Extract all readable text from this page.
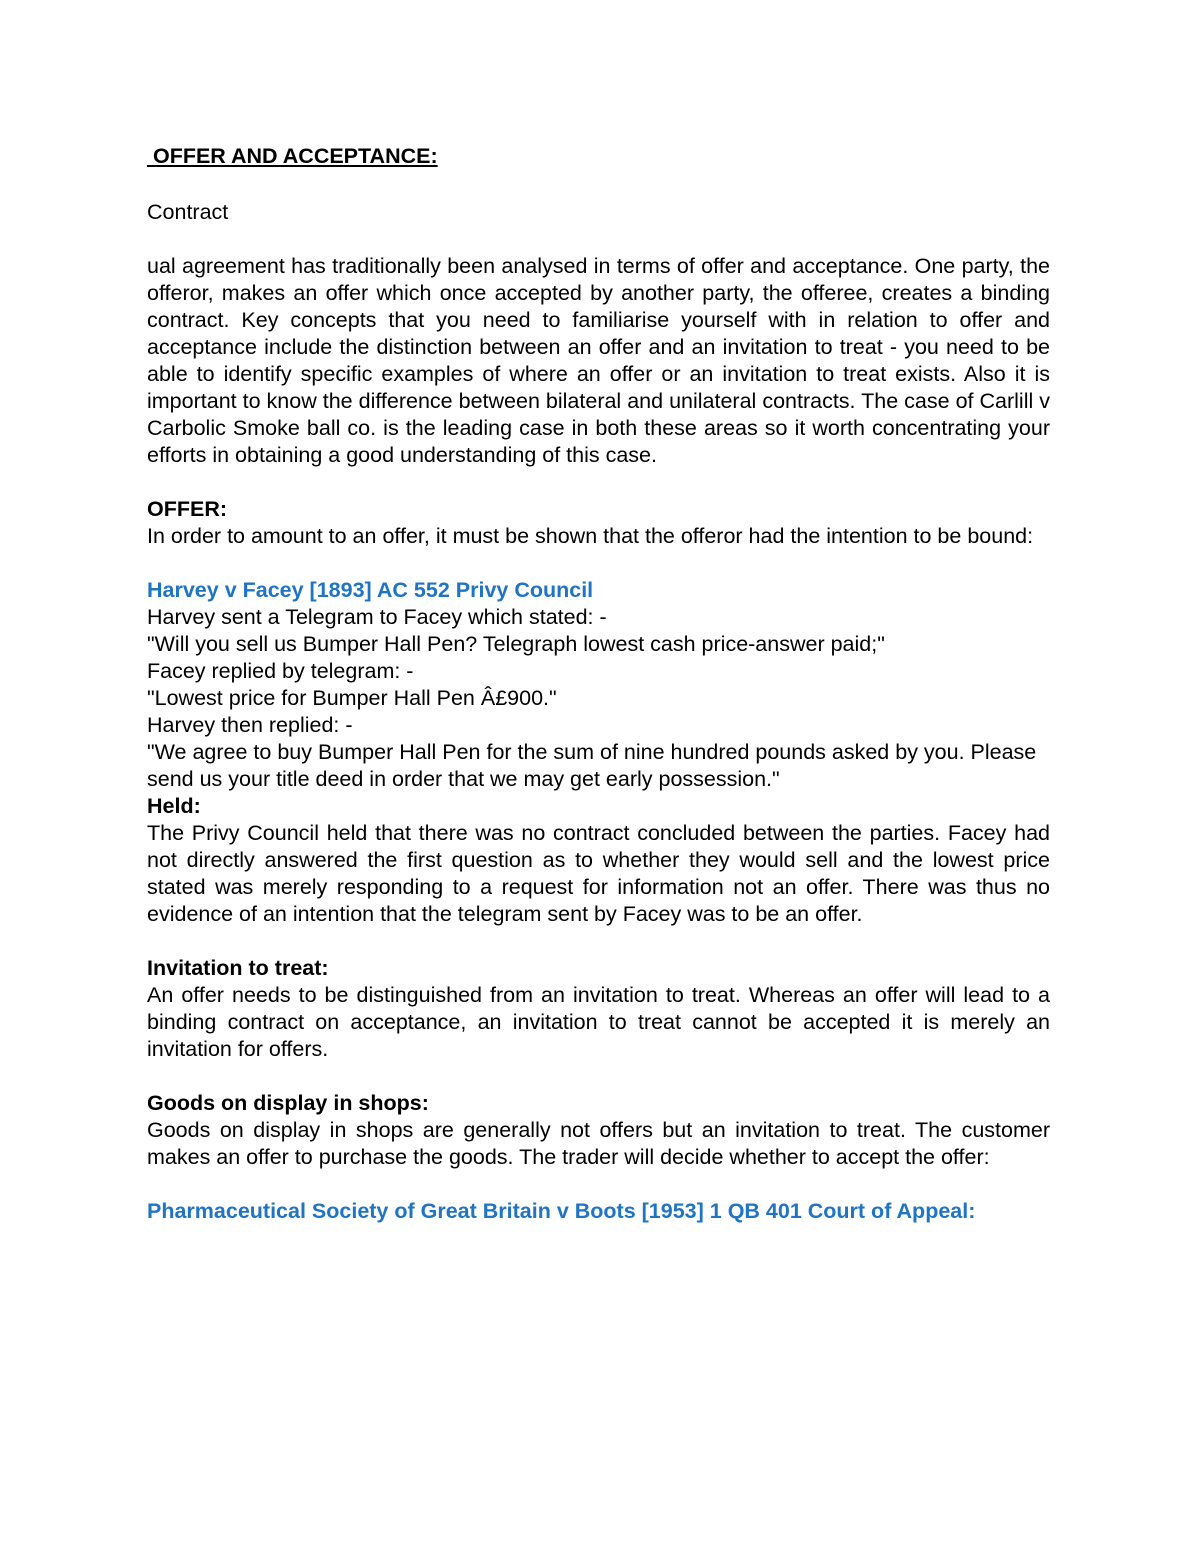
OFFER AND ACCEPTANCE:

Contract

ual agreement has traditionally been analysed in terms of offer and acceptance. One party, the offeror, makes an offer which once accepted by another party, the offeree, creates a binding contract. Key concepts that you need to familiarise yourself with in relation to offer and acceptance include the distinction between an offer and an invitation to treat - you need to be able to identify specific examples of where an offer or an invitation to treat exists. Also it is important to know the difference between bilateral and unilateral contracts. The case of Carlill v Carbolic Smoke ball co. is the leading case in both these areas so it worth concentrating your efforts in obtaining a good understanding of this case.

OFFER:

In order to amount to an offer, it must be shown that the offeror had the intention to be bound:

Harvey v Facey [1893] AC 552 Privy Council

Harvey sent a Telegram to Facey which stated: -

"Will you sell us Bumper Hall Pen? Telegraph lowest cash price-answer paid;"

Facey replied by telegram: -

"Lowest price for Bumper Hall Pen Â£900."

Harvey then replied: -

"We agree to buy Bumper Hall Pen for the sum of nine hundred pounds asked by you. Please

send us your title deed in order that we may get early possession."

Held:

The Privy Council held that there was no contract concluded between the parties. Facey had not directly answered the first question as to whether they would sell and the lowest price stated was merely responding to a request for information not an offer. There was thus no evidence of an intention that the telegram sent by Facey was to be an offer.

Invitation to treat:

An offer needs to be distinguished from an invitation to treat. Whereas an offer will lead to a binding contract on acceptance, an invitation to treat cannot be accepted it is merely an invitation for offers.

Goods on display in shops:

Goods on display in shops are generally not offers but an invitation to treat. The customer makes an offer to purchase the goods. The trader will decide whether to accept the offer:

Pharmaceutical Society of Great Britain v Boots [1953] 1 QB 401 Court of Appeal:
